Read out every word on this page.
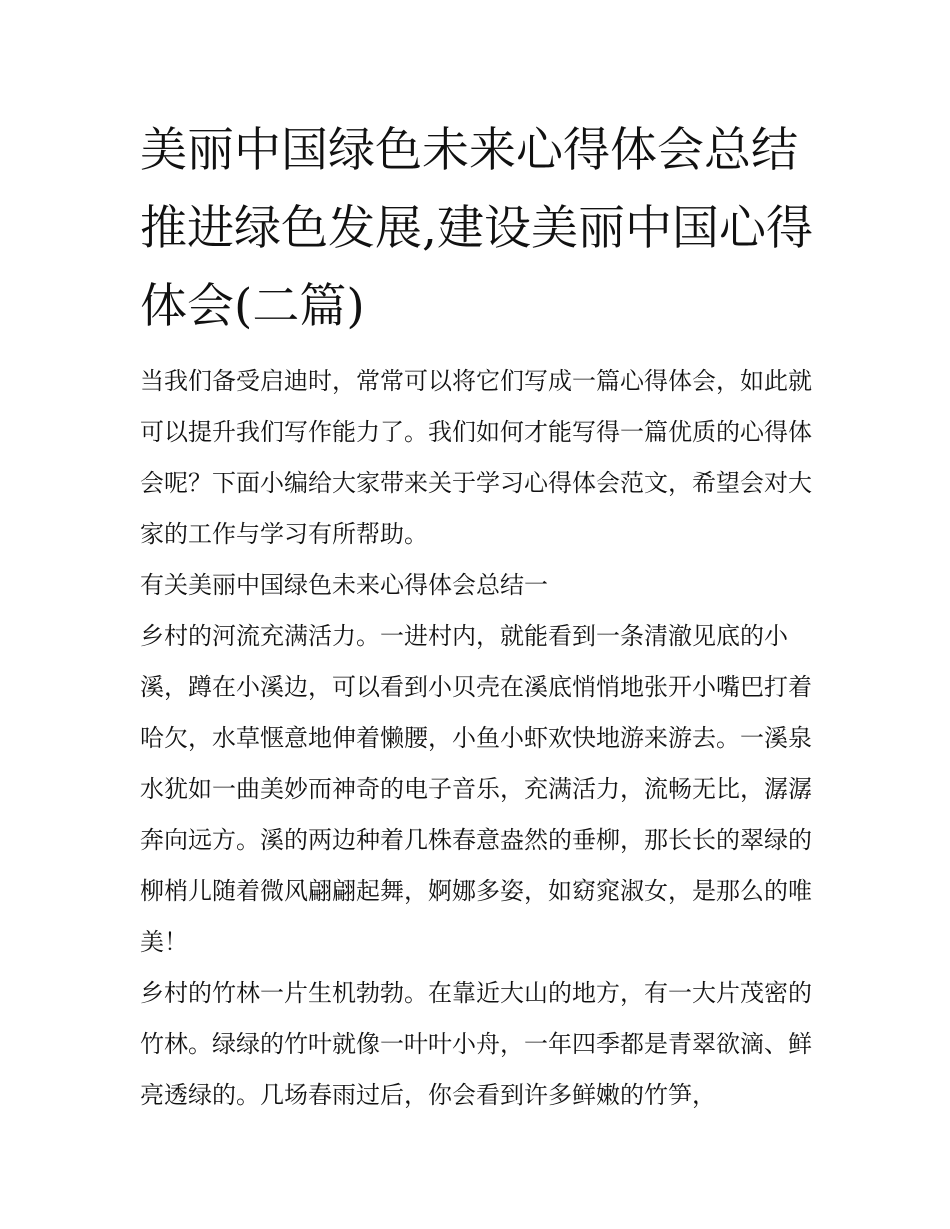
美丽中国绿色未来心得体会总结 推进绿色发展,建设美丽中国心得体会(二篇)

当我们备受启迪时，常常可以将它们写成一篇心得体会，如此就可以提升我们写作能力了。我们如何才能写得一篇优质的心得体会呢？下面小编给大家带来关于学习心得体会范文，希望会对大家的工作与学习有所帮助。

有关美丽中国绿色未来心得体会总结一

乡村的河流充满活力。一进村内，就能看到一条清澈见底的小溪，蹲在小溪边，可以看到小贝壳在溪底悄悄地张开小嘴巴打着哈欠，水草惬意地伸着懒腰，小鱼小虾欢快地游来游去。一溪泉水犹如一曲美妙而神奇的电子音乐，充满活力，流畅无比，潺潺奔向远方。溪的两边种着几株春意盎然的垂柳，那长长的翠绿的柳梢儿随着微风翩翩起舞，婀娜多姿，如窈窕淑女，是那么的唯美！

乡村的竹林一片生机勃勃。在靠近大山的地方，有一大片茂密的竹林。绿绿的竹叶就像一叶叶小舟，一年四季都是青翠欲滴、鲜亮透绿的。几场春雨过后，你会看到许多鲜嫩的竹笋，
